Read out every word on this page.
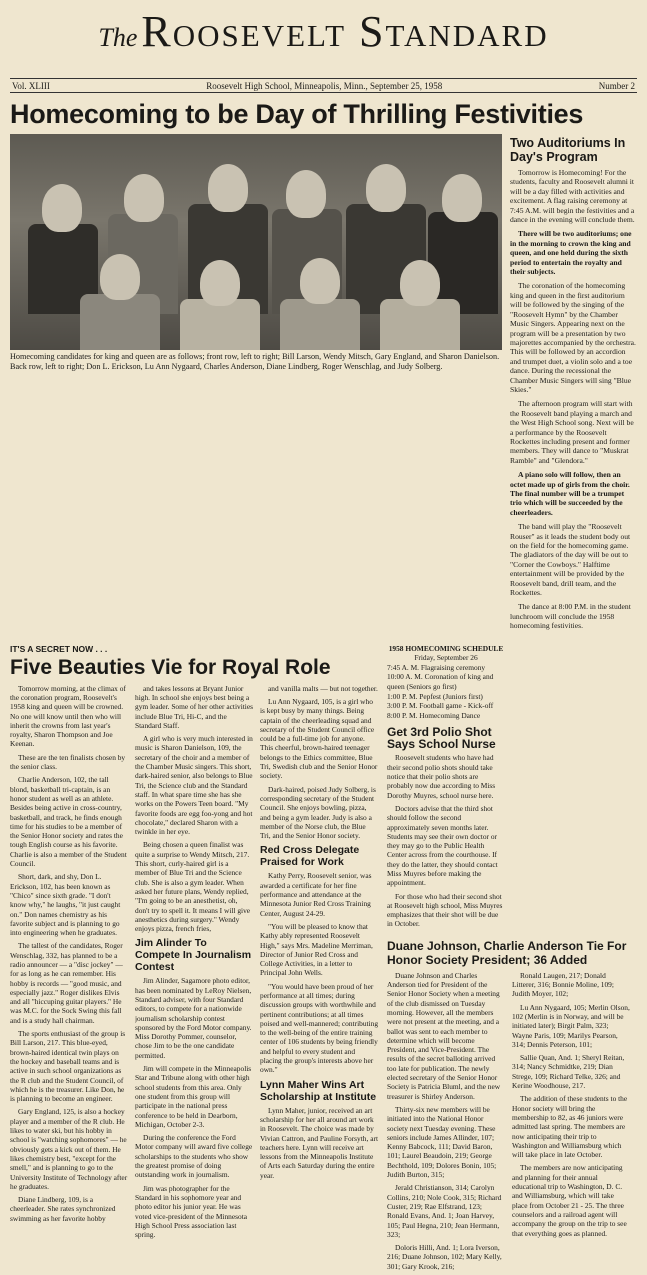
The Roosevelt Standard
Vol. XLIII	Roosevelt High School, Minneapolis, Minn., September 25, 1958	Number 2
Homecoming to be Day of Thrilling Festivities
Homecoming candidates for king and queen are as follows; front row, left to right; Bill Larson, Wendy Mitsch, Gary England, and Sharon Danielson. Back row, left to right; Don L. Erickson, Lu Ann Nygaard, Charles Anderson, Diane Lindberg, Roger Wenschlag, and Judy Solberg.
Two Auditoriums In Day's Program

Tomorrow is Homecoming! For the students, faculty and Roosevelt alumni it will be a day filled with activities and excitement. A flag raising ceremony at 7:45 A.M. will begin the festivities and a dance in the evening will conclude them.

There will be two auditoriums; one in the morning to crown the king and queen, and one held during the sixth period to entertain the royalty and their subjects.

The coronation of the homecoming king and queen in the first auditorium will be followed by the singing of the "Roosevelt Hymn" by the Chamber Music Singers. Appearing next on the program will be a presentation by two majorettes accompanied by the orchestra. This will be followed by an accordion and trumpet duet, a violin solo and a toe dance. During the recessional the Chamber Music Singers will sing "Blue Skies."

The afternoon program will start with the Roosevelt band playing a march and the West High School song. Next will be a performance by the Roosevelt Rockettes including present and former members. They will dance to "Muskrat Ramble" and "Glendora."

A piano solo will follow, then an octet made up of girls from the choir. The final number will be a trumpet trio which will be succeeded by the cheerleaders.

The band will play the "Roosevelt Rouser" as it leads the student body out on the field for the homecoming game. The gladiators of the day will be out to "Corner the Cowboys." Halftime entertainment will be provided by the Roosevelt band, drill team, and the Rockettes.

The dance at 8:00 P.M. in the student lunchroom will conclude the 1958 homecoming festivities.

IT'S A SECRET NOW . . .
Five Beauties Vie for Royal Role

Tomorrow morning, at the climax of the coronation program, Roosevelt's 1958 king and queen will be crowned. No one will know until then who will inherit the crowns from last year's royalty, Sharon Thompson and Joe Keenan.

These are the ten finalists chosen by the senior class.

Charlie Anderson, 102, the tall blond, basketball tri-captain, is an honor student as well as an athlete. Besides being active in cross-country, basketball, and track, he finds enough time for his studies to be a member of the Senior Honor society and rates the tough English course as his favorite. Charlie is also a member of the Student Council.

Short, dark, and shy, Don L. Erickson, 102, has been known as "Chico" since sixth grade. "I don't know why," he laughs, "it just caught on." Don names chemistry as his favorite subject and is planning to go into engineering when he graduates.

The tallest of the candidates, Roger Wenschlag, 332, has planned to be a radio announcer — a "disc jockey" — for as long as he can remember. His hobby is records — "good music, and especially jazz." Roger dislikes Elvis and all "hiccuping guitar players." He was M.C. for the Sock Swing this fall and is a study hall chairman.

The sports enthusiast of the group is Bill Larson, 217. This blue-eyed, brown-haired identical twin plays on the hockey and baseball teams and is active in such school organizations as the R club and the Student Council, of which he is the treasurer. Like Don, he is planning to become an engineer.

Gary England, 125, is also a hockey player and a member of the R club. He likes to water ski, but his hobby in school is "watching sophomores" — he obviously gets a kick out of them. He likes chemistry best, "except for the smell," and is planning to go to the University Institute of Technology after he graduates.

Diane Lindberg, 109, is a cheerleader. She rates synchronized swimming as her favorite hobby

and takes lessons at Bryant Junior high. In school she enjoys best being a gym leader. Some of her other activities include Blue Tri, Hi-C, and the Standard Staff.

A girl who is very much interested in music is Sharon Danielson, 109, the secretary of the choir and a member of the Chamber Music singers. This short, dark-haired senior, also belongs to Blue Tri, the Science club and the Standard staff. In what spare time she has she works on the Powers Teen board. "My favorite foods are egg foo-yong and hot chocolate," declared Sharon with a twinkle in her eye.

Being chosen a queen finalist was quite a surprise to Wendy Mitsch, 217. This short, curly-haired girl is a member of Blue Tri and the Science club. She is also a gym leader. When asked her future plans, Wendy replied, "I'm going to be an anesthetist, oh, don't try to spell it. It means I will give anesthetics during surgery." Wendy enjoys pizza, french fries,

Jim Alinder To Compete In Journalism Contest

Jim Alinder, Sagamore photo editor, has been nominated by LeRoy Nielsen, Standard adviser, with four Standard editors, to compete for a nationwide journalism scholarship contest sponsored by the Ford Motor company. Miss Dorothy Pommer, counselor, chose Jim to be the one candidate permitted.

Jim will compete in the Minneapolis Star and Tribune along with other high school students from this area. Only one student from this group will participate in the national press conference to be held in Dearborn, Michigan, October 2-3.

During the conference the Ford Motor company will award five college scholarships to the students who show the greatest promise of doing outstanding work in journalism.

Jim was photographer for the Standard in his sophomore year and photo editor his junior year. He was voted vice-president of the Minnesota High School Press association last spring.

and vanilla malts — but not together.

Lu Ann Nygaard, 105, is a girl who is kept busy by many things. Being captain of the cheerleading squad and secretary of the Student Council office could be a full-time job for anyone. This cheerful, brown-haired teenager belongs to the Ethics committee, Blue Tri, Swedish club and the Senior Honor society.

Dark-haired, poised Judy Solberg, is corresponding secretary of the Student Council. She enjoys bowling, pizza, and being a gym leader. Judy is also a member of the Norse club, the Blue Tri, and the Senior Honor society.

Red Cross Delegate Praised for Work

Kathy Perry, Roosevelt senior, was awarded a certificate for her fine performance and attendance at the Minnesota Junior Red Cross Training Center, August 24-29.

"You will be pleased to know that Kathy ably represented Roosevelt High," says Mrs. Madeline Merriman, Director of Junior Red Cross and College Activities, in a letter to Principal John Wells.

"You would have been proud of her performance at all times; during discussion groups with worthwhile and pertinent contributions; at all times poised and well-mannered; contributing to the well-being of the entire training center of 106 students by being friendly and helpful to every student and placing the group's interests above her own."

Lynn Maher Wins Art Scholarship at Institute

Lynn Maher, junior, received an art scholarship for her all around art work in Roosevelt. The choice was made by Vivian Cattron, and Pauline Forsyth, art teachers here. Lynn will receive art lessons from the Minneapolis Institute of Arts each Saturday during the entire year.

1958 HOMECOMING SCHEDULE
Friday, September 26
7:45 A. M. Flagraising ceremony
10:00 A. M. Coronation of king and queen (Seniors go first)
1:00 P. M. Pepfest (Juniors first)
3:00 P. M. Football game - Kick-off
8:00 P. M. Homecoming Dance
Get 3rd Polio Shot Says School Nurse

Roosevelt students who have had their second polio shots should take notice that their polio shots are probably now due according to Miss Dorothy Muyres, school nurse here.

Doctors advise that the third shot should follow the second approximately seven months later. Students may see their own doctor or they may go to the Public Health Center across from the courthouse. If they do the latter, they should contact Miss Muyres before making the appointment.

For those who had their second shot at Roosevelt high school, Miss Muyres emphasizes that their shot will be due in October.

Duane Johnson, Charlie Anderson Tie For Honor Society President; 36 Added

Duane Johnson and Charles Anderson tied for President of the Senior Honor Society when a meeting of the club dismissed on Tuesday morning. However, all the members were not present at the meeting, and a ballot was sent to each member to determine which will become President, and Vice-President. The results of the secret balloting arrived too late for publication. The newly elected secretary of the Senior Honor Society is Patricia Bluml, and the new treasurer is Shirley Anderson.

Thirty-six new members will be initiated into the National Honor society next Tuesday evening. These seniors include James Allinder, 107; Kenny Babcock, 111; David Baron, 101; Laurel Beaudoin, 219; George Bechthold, 109; Dolores Bonin, 105; Judith Burton, 315;

Jerald Christianson, 314; Carolyn Collins, 210; Nole Cook, 315; Richard Custer, 219; Rae Elfstrand, 123; Ronald Evans, And. 1; Joan Harvey, 105; Paul Hegna, 210; Jean Hermann, 323;

Doloris Hilli, And. 1; Lora Iverson, 216; Duane Johnson, 102; Mary Kelly, 301; Gary Krook, 216;

Ronald Laugen, 217; Donald Litterer, 316; Bonnie Moline, 109; Judith Moyer, 102;

Lu Ann Nygaard, 105; Merlin Olson, 102 (Merlin is in Norway, and will be initiated later); Birgit Palm, 323; Wayne Paris, 109; Marilys Pearson, 314; Dennis Peterson, 101;

Sallie Quan, And. 1; Sheryl Reitan, 314; Nancy Schmidtke, 219; Dian Strege, 109; Richard Telke, 326; and Kerine Woodhouse, 217.

The addition of these students to the Honor society will bring the membership to 82, as 46 juniors were admitted last spring. The members are now anticipating their trip to Washington and Williamsburg which will take place in late October.

The members are now anticipating and planning for their annual educational trip to Washington, D. C. and Williamsburg, which will take place from October 21 - 25. The three counselors and a railroad agent will accompany the group on the trip to see that everything goes as planned.
